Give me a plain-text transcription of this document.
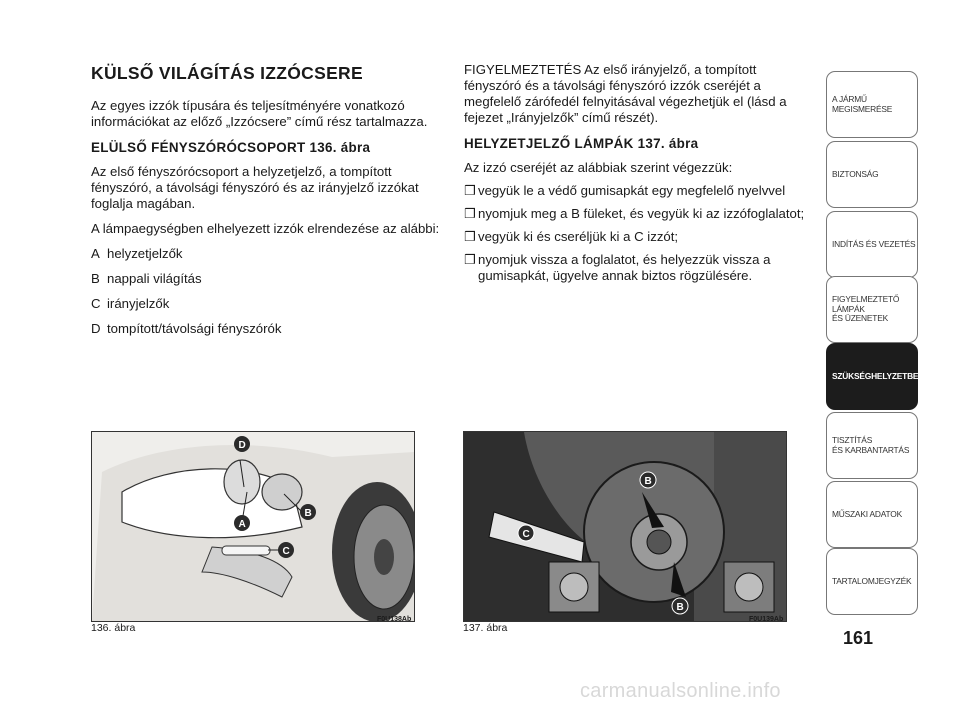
KÜLSŐ VILÁGÍTÁS IZZÓCSERE

Az egyes izzók típusára és teljesítményére vonatkozó információkat az előző „Izzócsere” című rész tartalmazza.

ELÜLSŐ FÉNYSZÓRÓCSOPORT 136. ábra

Az első fényszórócsoport a helyzetjelző, a tompított fényszóró, a távolsági fényszóró és az irányjelző izzókat foglalja magában.

A lámpaegységben elhelyezett izzók elrendezése az alábbi:

A helyzetjelzők
B nappali világítás
C irányjelzők
D tompított/távolsági fényszórók

FIGYELMEZTETÉS Az első irányjelző, a tompított fényszóró és a távolsági fényszóró izzók cseréjét a megfelelő zárófedél felnyitásával végezhetjük el (lásd a fejezet „Irányjelzők” című részét).

HELYZETJELZŐ LÁMPÁK 137. ábra

Az izzó cseréjét az alábbiak szerint végezzük:

❒ vegyük le a védő gumisapkát egy megfelelő nyelvvel
❒ nyomjuk meg a B füleket, és vegyük ki az izzófoglalatot;
❒ vegyük ki és cseréljük ki a C izzót;
❒ nyomjuk vissza a foglalatot, és helyezzük vissza a gumisapkát, ügyelve annak biztos rögzülésére.
D
A
B
C
136. ábra
F0U138Ab
B
B
C
137. ábra
F0U139Ab
A JÁRMŰ
MEGISMERÉSE
BIZTONSÁG
INDÍTÁS ÉS VEZETÉS
FIGYELMEZTETŐ
LÁMPÁK
ÉS ÜZENETEK
SZÜKSÉGHELYZETBEN
TISZTÍTÁS
ÉS KARBANTARTÁS
MŰSZAKI ADATOK
TARTALOMJEGYZÉK
161
carmanualsonline.info
